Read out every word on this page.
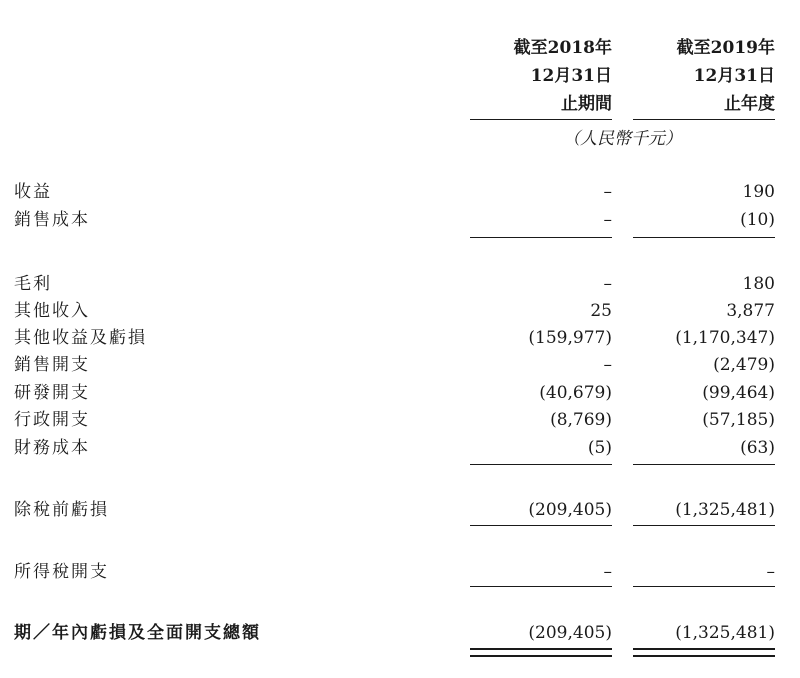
截至2018年
12月31日
止期間
截至2019年
12月31日
止年度
（人民幣千元）
收益	–	190
銷售成本	–	(10)
毛利	–	180
其他收入	25	3,877
其他收益及虧損	(159,977)	(1,170,347)
銷售開支	–	(2,479)
研發開支	(40,679)	(99,464)
行政開支	(8,769)	(57,185)
財務成本	(5)	(63)
除稅前虧損	(209,405)	(1,325,481)
所得稅開支	–	–
期／年內虧損及全面開支總額	(209,405)	(1,325,481)
